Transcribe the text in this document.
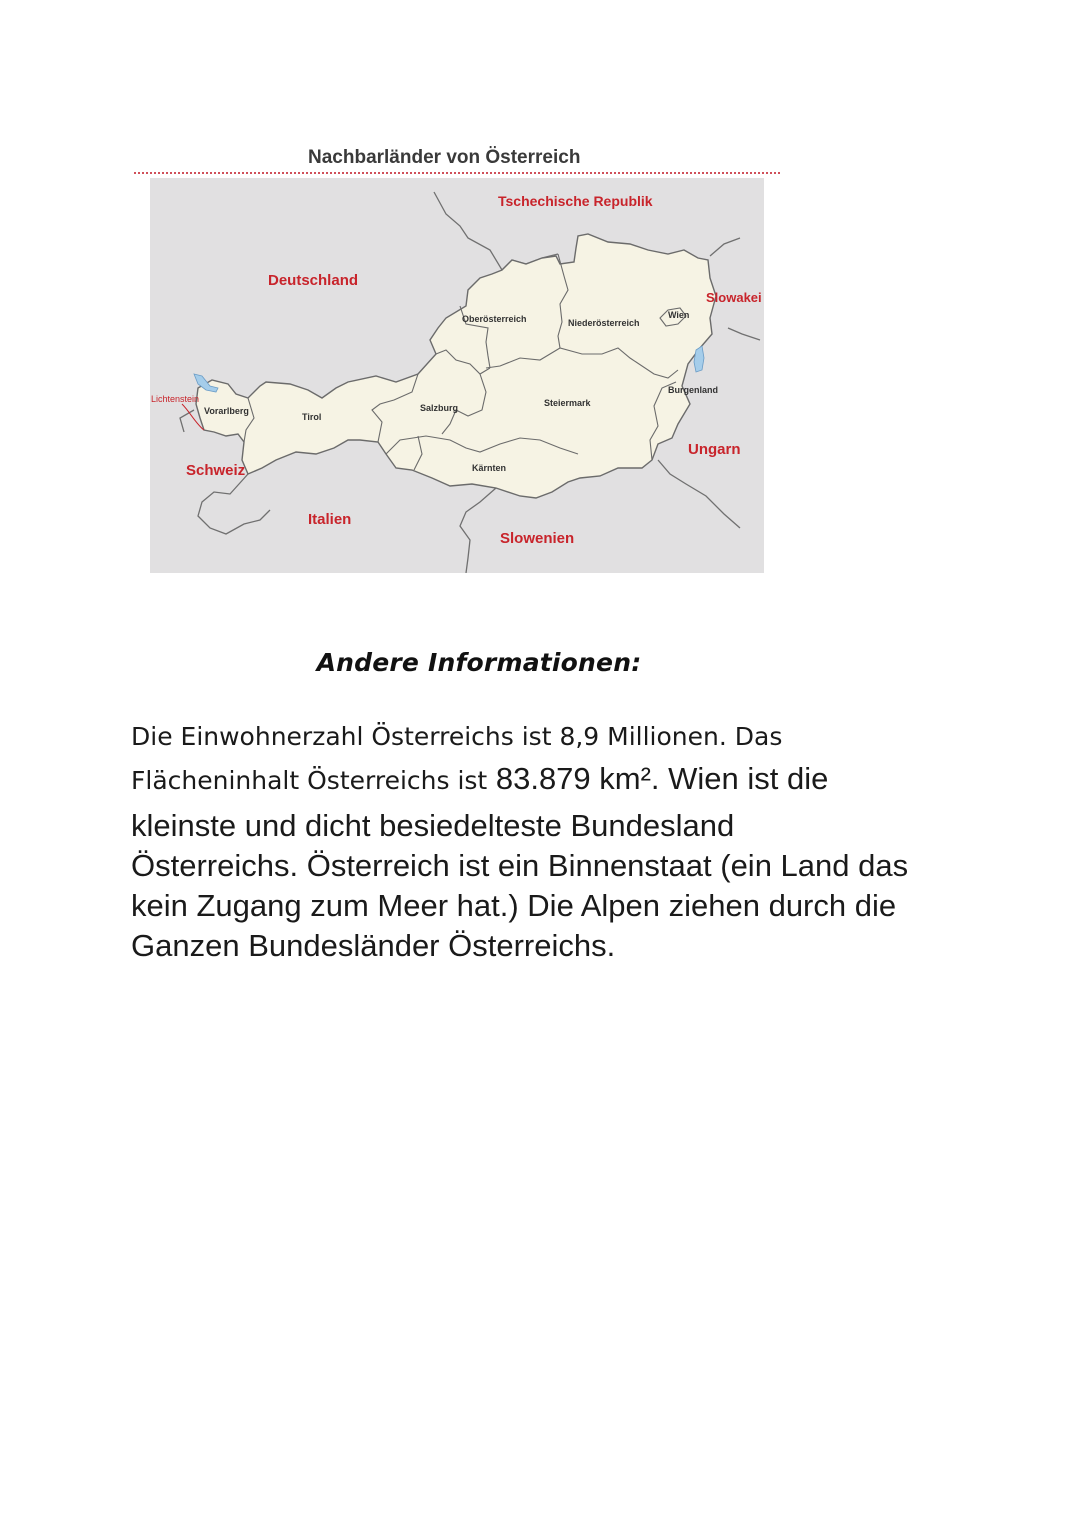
Nachbarländer von Österreich
Tschechische Republik
Deutschland
Slowakei
Lichtenstein
Schweiz
Italien
Slowenien
Ungarn
Oberösterreich	Niederösterreich
Wien
Vorarlberg
Tirol
Salzburg	Steiermark
Burgenland
Kärnten
Andere Informationen:
Die Einwohnerzahl Österreichs ist 8,9 Millionen. Das
Flächeninhalt Österreichs ist 83.879 km². Wien ist die
kleinste und dicht besiedelteste Bundesland
Österreichs. Österreich ist ein Binnenstaat (ein Land das
kein Zugang zum Meer hat.) Die Alpen ziehen durch die
Ganzen Bundesländer Österreichs.
